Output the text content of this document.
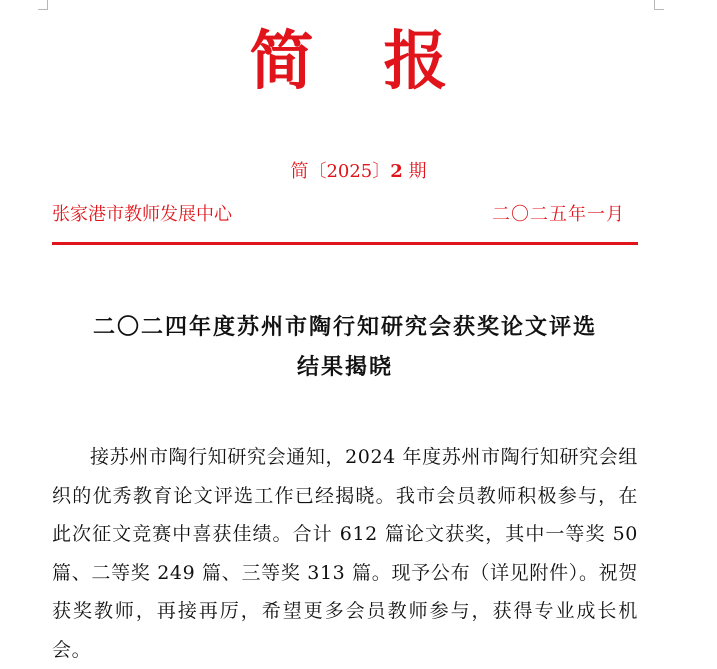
简报
简〔2025〕2 期
张家港市教师发展中心	二〇二五年一月
二〇二四年度苏州市陶行知研究会获奖论文评选
结果揭晓

接苏州市陶行知研究会通知，2024 年度苏州市陶行知研究会组织的优秀教育论文评选工作已经揭晓。我市会员教师积极参与，在此次征文竞赛中喜获佳绩。合计 612 篇论文获奖，其中一等奖 50 篇、二等奖 249 篇、三等奖 313 篇。现予公布（详见附件）。祝贺获奖教师，再接再厉，希望更多会员教师参与，获得专业成长机会。
